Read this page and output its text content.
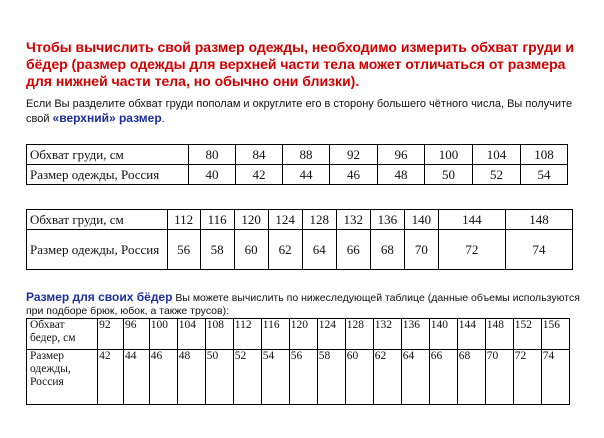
Чтобы вычислить свой размер одежды, необходимо измерить обхват груди и бёдер (размер одежды для верхней части тела может отличаться от размера для нижней части тела, но обычно они близки).
Если Вы разделите обхват груди пополам и округлите его в сторону большего чётного числа, Вы получите свой «верхний» размер.
Обхват груди, см	80	84	88	92	96	100	104	108
Размер одежды, Россия	40	42	44	46	48	50	52	54
Обхват груди, см	112	116	120	124	128	132	136	140	144	148
Размер одежды, Россия	56	58	60	62	64	66	68	70	72	74
Размер для своих бёдер Вы можете вычислить по нижеследующей таблице (данные объемы используются при подборе брюк, юбок, а также трусов):
Обхват бедер, см	92	96	100	104	108	112	116	120	124	128	132	136	140	144	148	152	156
Размер одежды, Россия	42	44	46	48	50	52	54	56	58	60	62	64	66	68	70	72	74
